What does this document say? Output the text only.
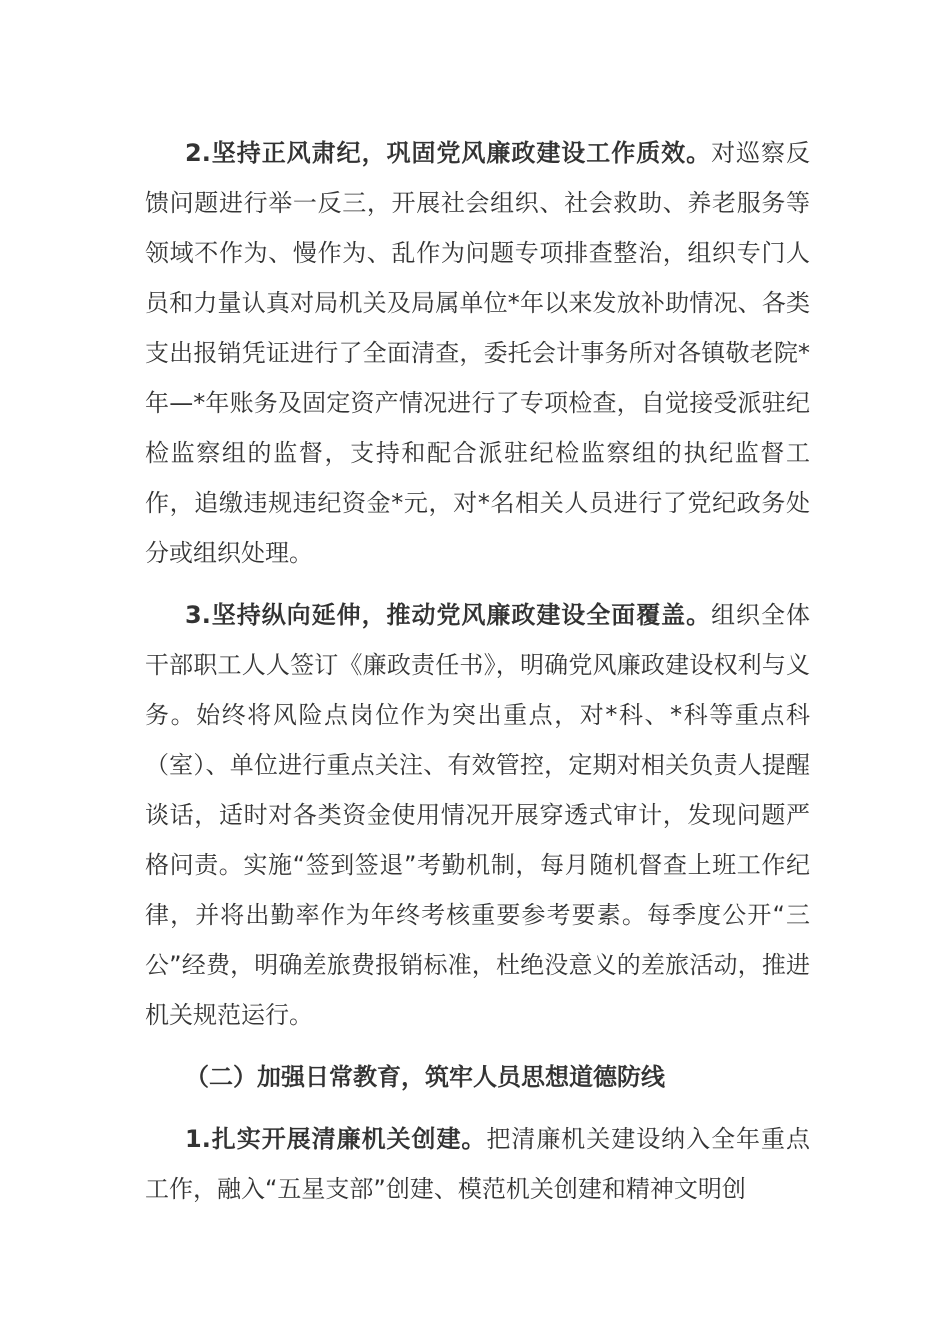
2.坚持正风肃纪，巩固党风廉政建设工作质效。对巡察反馈问题进行举一反三，开展社会组织、社会救助、养老服务等领域不作为、慢作为、乱作为问题专项排查整治，组织专门人员和力量认真对局机关及局属单位*年以来发放补助情况、各类支出报销凭证进行了全面清查，委托会计事务所对各镇敬老院*年—*年账务及固定资产情况进行了专项检查，自觉接受派驻纪检监察组的监督，支持和配合派驻纪检监察组的执纪监督工作，追缴违规违纪资金*元，对*名相关人员进行了党纪政务处分或组织处理。

3.坚持纵向延伸，推动党风廉政建设全面覆盖。组织全体干部职工人人签订《廉政责任书》，明确党风廉政建设权利与义务。始终将风险点岗位作为突出重点，对*科、*科等重点科（室）、单位进行重点关注、有效管控，定期对相关负责人提醒谈话，适时对各类资金使用情况开展穿透式审计，发现问题严格问责。实施“签到签退”考勤机制，每月随机督查上班工作纪律，并将出勤率作为年终考核重要参考要素。每季度公开“三公”经费，明确差旅费报销标准，杜绝没意义的差旅活动，推进机关规范运行。

（二）加强日常教育，筑牢人员思想道德防线

1.扎实开展清廉机关创建。把清廉机关建设纳入全年重点工作，融入“五星支部”创建、模范机关创建和精神文明创
